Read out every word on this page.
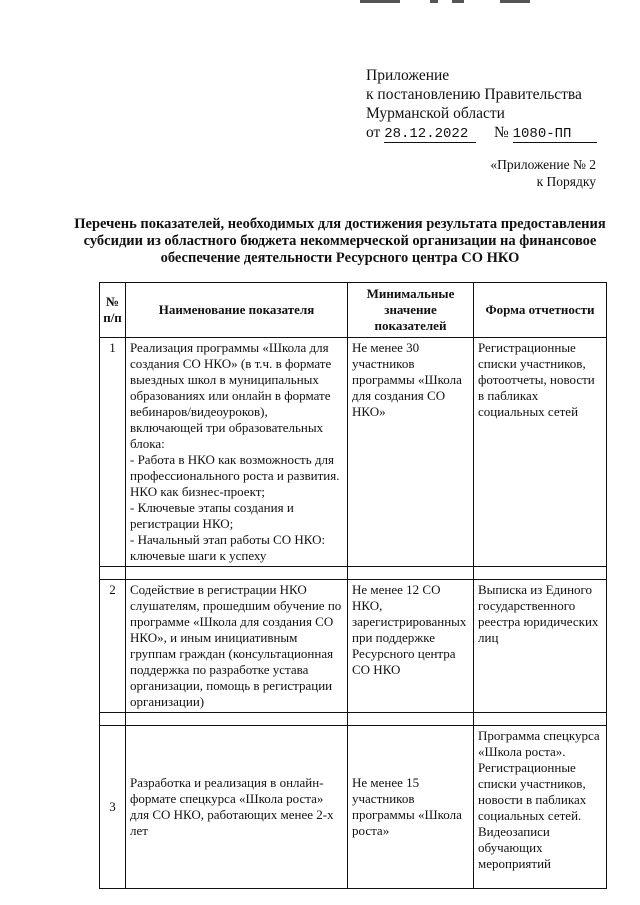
Приложение
к постановлению Правительства
Мурманской области
от 28.12.2022 № 1080-ПП
«Приложение № 2
к Порядку
Перечень показателей, необходимых для достижения результата предоставления субсидии из областного бюджета некоммерческой организации на финансовое обеспечение деятельности Ресурсного центра СО НКО
№
п/п	Наименование показателя	Минимальные значение показателей	Форма отчетности
1	Реализация программы «Школа для создания СО НКО» (в т.ч. в формате выездных школ в муниципальных образованиях или онлайн в формате вебинаров/видеоуроков), включающей три образовательных блока:
- Работа в НКО как возможность для профессионального роста и развития. НКО как бизнес-проект;
- Ключевые этапы создания и регистрации НКО;
- Начальный этап работы СО НКО: ключевые шаги к успеху	Не менее 30 участников программы «Школа для создания СО НКО»	Регистрационные списки участников, фотоотчеты, новости в пабликах социальных сетей

2	Содействие в регистрации НКО слушателям, прошедшим обучение по программе «Школа для создания СО НКО», и иным инициативным группам граждан (консультационная поддержка по разработке устава организации, помощь в регистрации организации)	Не менее 12 СО НКО, зарегистрированных при поддержке Ресурсного центра СО НКО	Выписка из Единого государственного реестра юридических лиц

3	Разработка и реализация в онлайн-формате спецкурса «Школа роста» для СО НКО, работающих менее 2-х лет	Не менее 15 участников программы «Школа роста»	Программа спецкурса «Школа роста». Регистрационные списки участников, новости в пабликах социальных сетей. Видеозаписи обучающих мероприятий
